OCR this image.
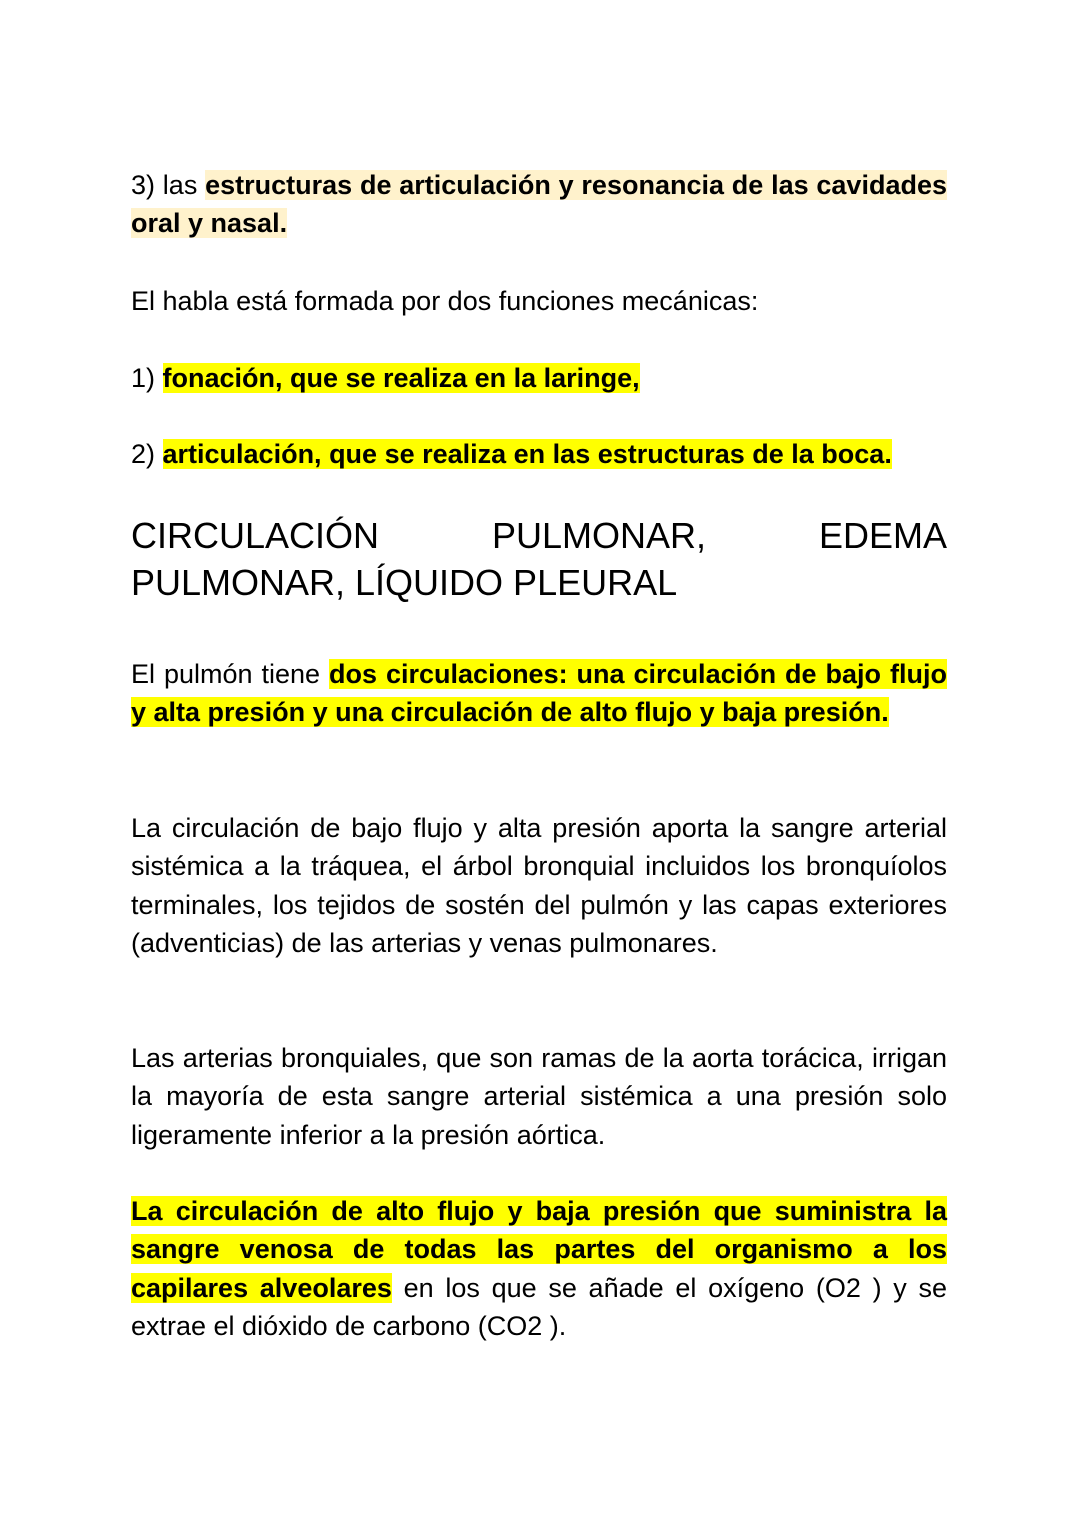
3) las estructuras de articulación y resonancia de las cavidades oral y nasal.

El habla está formada por dos funciones mecánicas:

1) fonación, que se realiza en la laringe,

2) articulación, que se realiza en las estructuras de la boca.

CIRCULACIÓN PULMONAR, EDEMA PULMONAR, LÍQUIDO PLEURAL

El pulmón tiene dos circulaciones: una circulación de bajo flujo y alta presión y una circulación de alto flujo y baja presión.

La circulación de bajo flujo y alta presión aporta la sangre arterial sistémica a la tráquea, el árbol bronquial incluidos los bronquíolos terminales, los tejidos de sostén del pulmón y las capas exteriores (adventicias) de las arterias y venas pulmonares.

Las arterias bronquiales, que son ramas de la aorta torácica, irrigan la mayoría de esta sangre arterial sistémica a una presión solo ligeramente inferior a la presión aórtica.

La circulación de alto flujo y baja presión que suministra la sangre venosa de todas las partes del organismo a los capilares alveolares en los que se añade el oxígeno (O2 ) y se extrae el dióxido de carbono (CO2 ).
